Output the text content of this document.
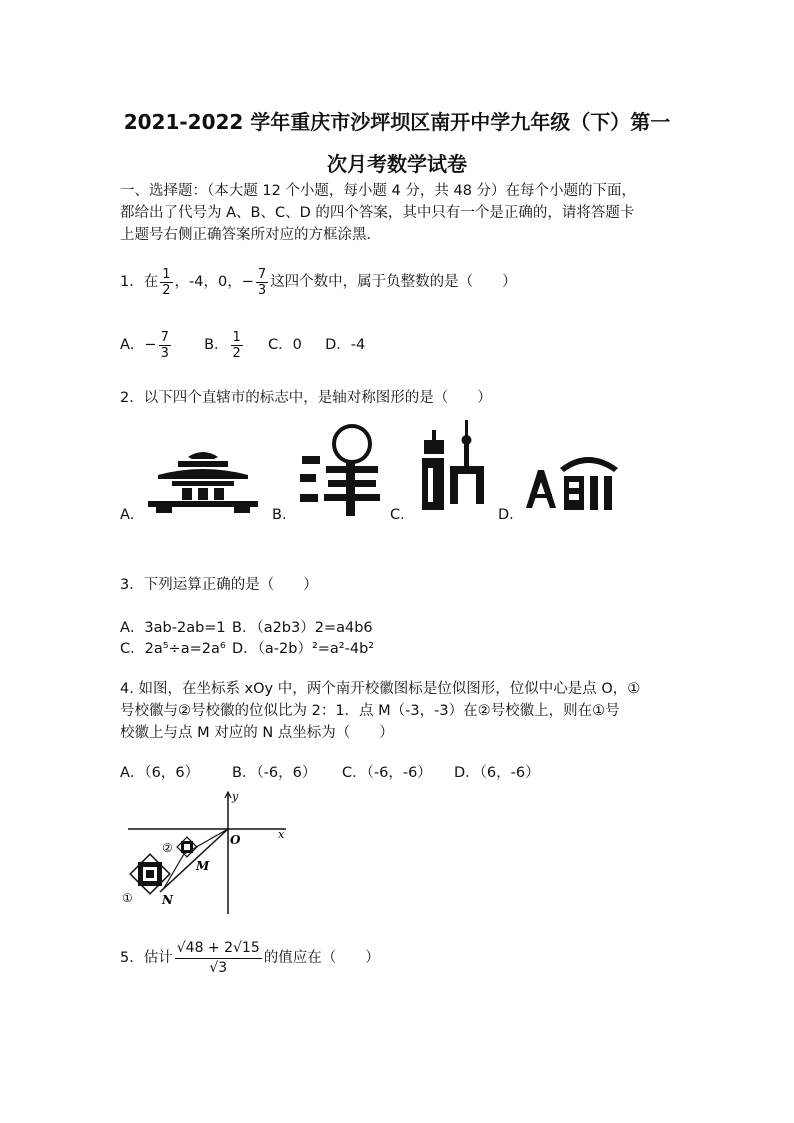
2021-2022 学年重庆市沙坪坝区南开中学九年级（下）第一
次月考数学试卷
一、选择题：（本大题 12 个小题，每小题 4 分，共 48 分）在每个小题的下面，
都给出了代号为 A、B、C、D 的四个答案，其中只有一个是正确的，请将答题卡
上题号右侧正确答案所对应的方框涂黑．
1．在 $\frac{1}{2}$ ，-4，0，− $\frac{7}{3}$ 这四个数中，属于负整数的是（　　）
A．− $\frac{7}{3}$ B． $\frac{1}{2}$ C．0 D．-4
2．以下四个直辖市的标志中，是轴对称图形的是（　　）
A．	B．	C．	D．
3．下列运算正确的是（　　）
A．3ab-2ab=1 B．（a2b3）2=a4b6
C．2a⁵÷a=2a⁶ D．（a-2b）²=a²-4b²
4. 如图，在坐标系 xOy 中，两个南开校徽图标是位似图形，位似中心是点 O，①
号校徽与②号校徽的位似比为 2：1．点 M（-3，-3）在②号校徽上，则在①号
校徽上与点 M 对应的 N 点坐标为（　　）
A．（6，6） B．（-6，6） C．（-6，-6） D．（6，-6）
y
x
O
②
M
① N
5．估计 $\frac{√48 + 2√15}{√3}$ 的值应在（　　）
